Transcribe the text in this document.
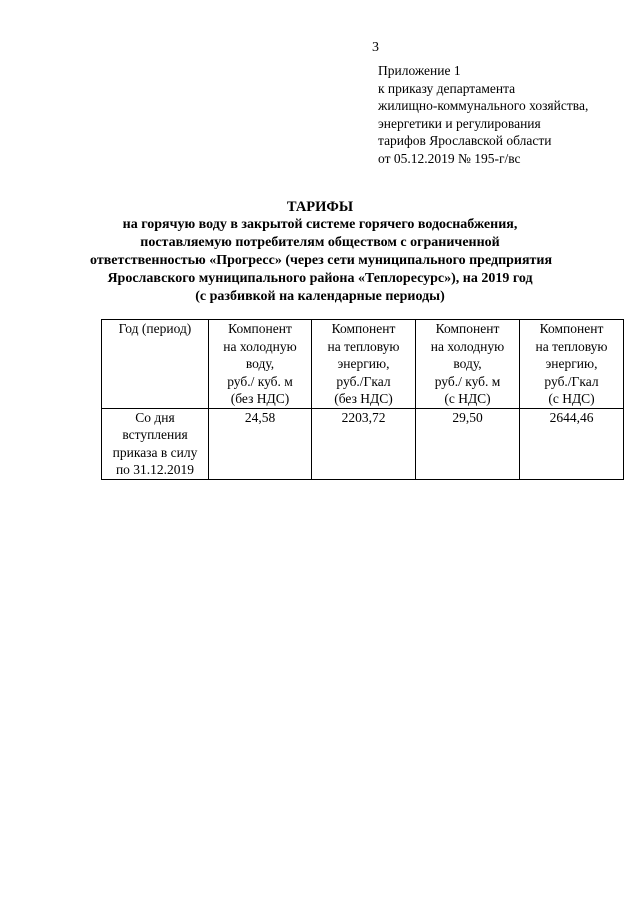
3
Приложение 1
к приказу департамента
жилищно-коммунального хозяйства,
энергетики и регулирования
тарифов Ярославской области
от 05.12.2019 № 195-г/вс
ТАРИФЫ
на горячую воду в закрытой системе горячего водоснабжения,
поставляемую потребителям обществом с ограниченной
ответственностью «Прогресс» (через сети муниципального предприятия
Ярославского муниципального района «Теплоресурс»), на 2019 год
(с разбивкой на календарные периоды)
Год (период)	Компонент
на холодную
воду,
руб./ куб. м
(без НДС)	Компонент
на тепловую
энергию,
руб./Гкал
(без НДС)	Компонент
на холодную
воду,
руб./ куб. м
(с НДС)	Компонент
на тепловую
энергию,
руб./Гкал
(с НДС)

Со дня
вступления
приказа в силу
по 31.12.2019	24,58	2203,72	29,50	2644,46
